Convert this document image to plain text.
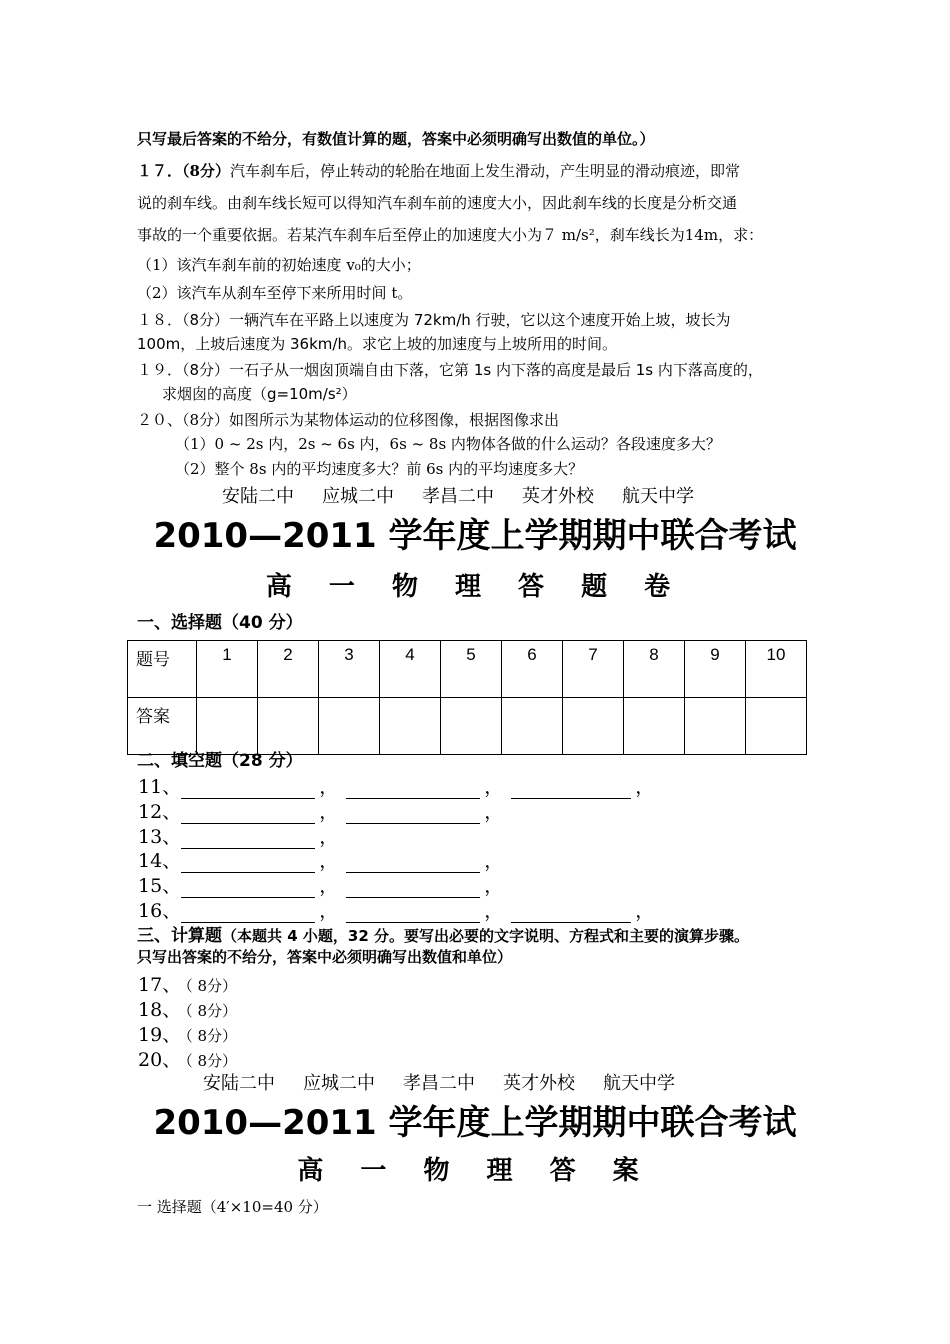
只写最后答案的不给分，有数值计算的题，答案中必须明确写出数值的单位。）
１７．（8分）汽车刹车后，停止转动的轮胎在地面上发生滑动，产生明显的滑动痕迹，即常
说的刹车线。由刹车线长短可以得知汽车刹车前的速度大小，因此刹车线的长度是分析交通
事故的一个重要依据。若某汽车刹车后至停止的加速度大小为７ m/s²，刹车线长为14m，求：
（1）该汽车刹车前的初始速度 v₀的大小；
（2）该汽车从刹车至停下来所用时间 t。
１８．（8分）一辆汽车在平路上以速度为 72km/h 行驶，它以这个速度开始上坡，坡长为
100m，上坡后速度为 36km/h。求它上坡的加速度与上坡所用的时间。
１９．（8分）一石子从一烟囱顶端自由下落，它第 1s 内下落的高度是最后 1s 内下落高度的，
求烟囱的高度（g=10m/s²）
２０、（8分）如图所示为某物体运动的位移图像，根据图像求出
（1）0 ~ 2s 内，2s ~ 6s 内，6s ~ 8s 内物体各做的什么运动？各段速度多大？
（2）整个 8s 内的平均速度多大？前 6s 内的平均速度多大？
安陆二中 应城二中 孝昌二中 英才外校 航天中学
2010—2011 学年度上学期期中联合考试
高 一 物 理 答 题 卷
一、选择题（40 分）
题号	1	2	3	4	5	6	7	8	9	10
答案										
二、填空题（28 分）
11、	，	，	，
12、	，	，
13、	，
14、	，	，
15、	，	，
16、	，	，	，
三、计算题（本题共 4 小题，32 分。要写出必要的文字说明、方程式和主要的演算步骤。
只写出答案的不给分，答案中必须明确写出数值和单位）
17、 （ 8分）
18、 （ 8分）
19、 （ 8分）
20、 （ 8分）
安陆二中 应城二中 孝昌二中 英才外校 航天中学
2010—2011 学年度上学期期中联合考试
高 一 物 理 答 案
一 选择题（4′×10=40 分）
